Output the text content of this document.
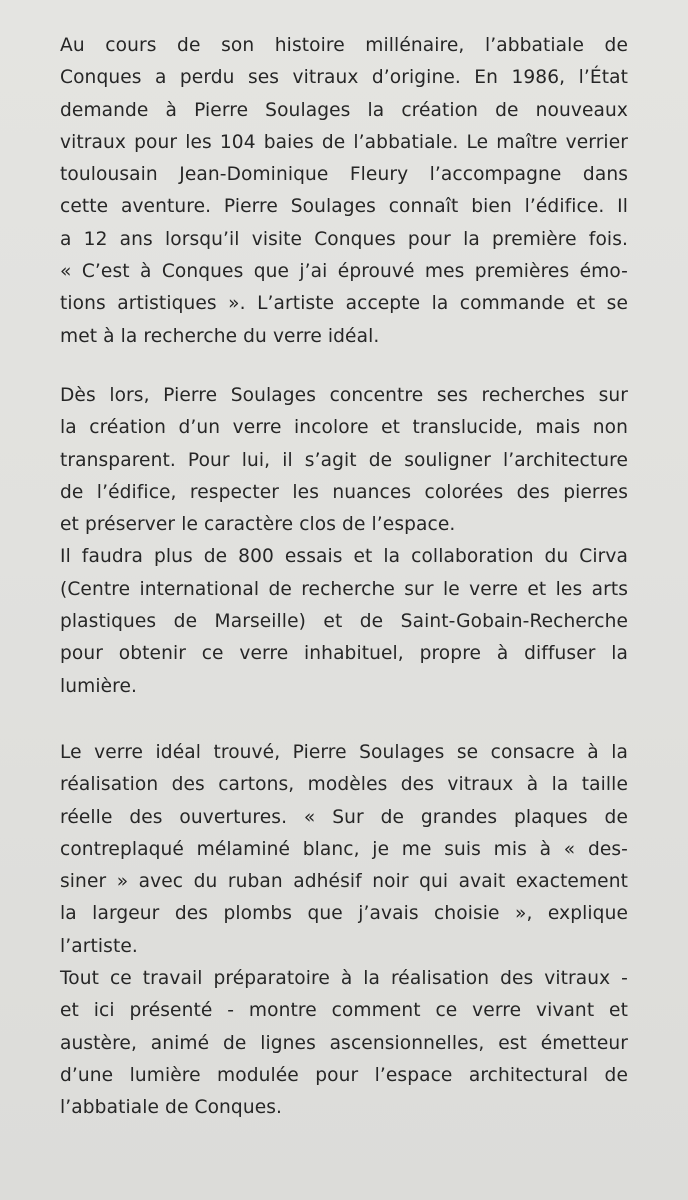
Au cours de son histoire millénaire, l’abbatiale de
Conques a perdu ses vitraux d’origine. En 1986, l’État
demande à Pierre Soulages la création de nouveaux
vitraux pour les 104 baies de l’abbatiale. Le maître verrier
toulousain Jean-Dominique Fleury l’accompagne dans
cette aventure. Pierre Soulages connaît bien l’édifice. Il
a 12 ans lorsqu’il visite Conques pour la première fois.
« C’est à Conques que j’ai éprouvé mes premières émo-
tions artistiques ». L’artiste accepte la commande et se
met à la recherche du verre idéal.
Dès lors, Pierre Soulages concentre ses recherches sur
la création d’un verre incolore et translucide, mais non
transparent. Pour lui, il s’agit de souligner l’architecture
de l’édifice, respecter les nuances colorées des pierres
et préserver le caractère clos de l’espace.
Il faudra plus de 800 essais et la collaboration du Cirva
(Centre international de recherche sur le verre et les arts
plastiques de Marseille) et de Saint-Gobain-Recherche
pour obtenir ce verre inhabituel, propre à diffuser la
lumière.
Le verre idéal trouvé, Pierre Soulages se consacre à la
réalisation des cartons, modèles des vitraux à la taille
réelle des ouvertures. « Sur de grandes plaques de
contreplaqué mélaminé blanc, je me suis mis à « des-
siner » avec du ruban adhésif noir qui avait exactement
la largeur des plombs que j’avais choisie », explique
l’artiste.
Tout ce travail préparatoire à la réalisation des vitraux -
et ici présenté - montre comment ce verre vivant et
austère, animé de lignes ascensionnelles, est émetteur
d’une lumière modulée pour l’espace architectural de
l’abbatiale de Conques.
